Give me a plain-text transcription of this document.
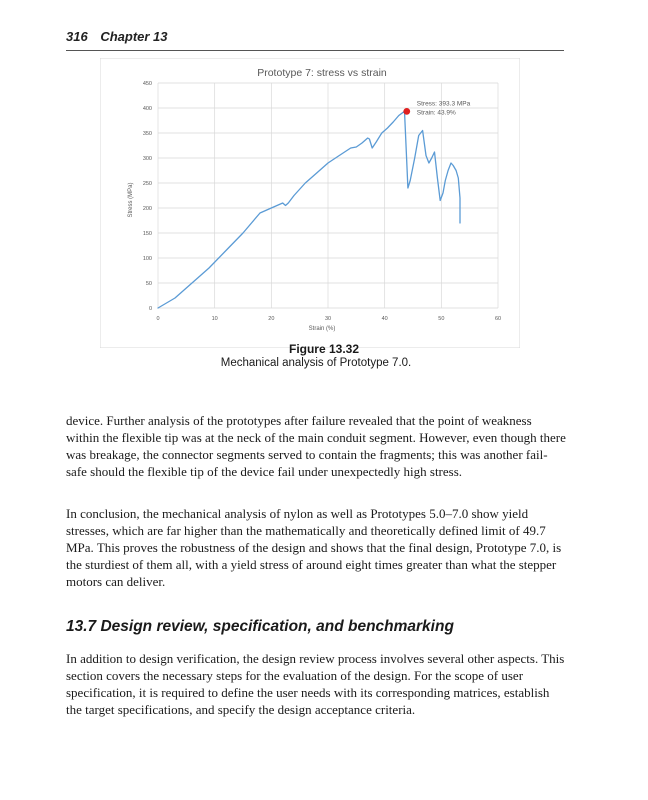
316 Chapter 13
0
50
100
150
200
250
300
350
400
450
0	10	20	30	40	50	60
Prototype 7: stress vs strain
Strain (%)
Stress (MPa)
Stress: 393.3 MPa
Strain: 43.9%
Figure 13.32
Mechanical analysis of Prototype 7.0.

device. Further analysis of the prototypes after failure revealed that the point of weakness within the flexible tip was at the neck of the main conduit segment. However, even though there was breakage, the connector segments served to contain the fragments; this was another fail-safe should the flexible tip of the device fail under unexpectedly high stress.

In conclusion, the mechanical analysis of nylon as well as Prototypes 5.0–7.0 show yield stresses, which are far higher than the mathematically and theoretically defined limit of 49.7 MPa. This proves the robustness of the design and shows that the final design, Prototype 7.0, is the sturdiest of them all, with a yield stress of around eight times greater than what the stepper motors can deliver.

13.7 Design review, specification, and benchmarking

In addition to design verification, the design review process involves several other aspects. This section covers the necessary steps for the evaluation of the design. For the scope of user specification, it is required to define the user needs with its corresponding matrices, establish the target specifications, and specify the design acceptance criteria.
